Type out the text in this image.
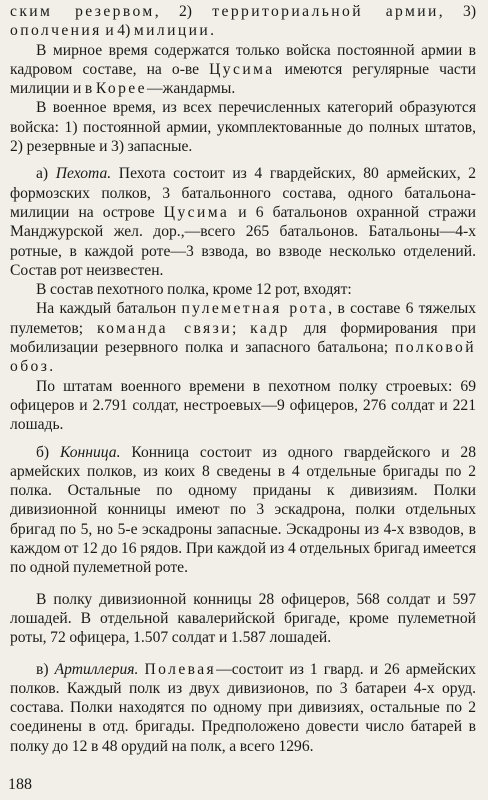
ским резервом, 2) территориальной армии, 3) ополчения и 4) милиции.

В мирное время содержатся только войска постоянной армии в кадровом составе, на о-ве Цусима имеются регулярные части милиции и в Корее—жандармы.

В военное время, из всех перечисленных категорий образуются войска: 1) постоянной армии, укомплектованные до полных штатов, 2) резервные и 3) запасные.

а) Пехота. Пехота состоит из 4 гвардейских, 80 армейских, 2 формозских полков, 3 батальонного состава, одного батальона-милиции на острове Цусима и 6 батальонов охранной стражи Манджурской жел. дор.,—всего 265 батальонов. Батальоны—4-х ротные, в каждой роте—3 взвода, во взводе несколько отделений. Состав рот неизвестен.

В состав пехотного полка, кроме 12 рот, входят:

На каждый батальон пулеметная рота, в составе 6 тяжелых пулеметов; команда связи; кадр для формирования при мобилизации резервного полка и запасного батальона; полковой обоз.

По штатам военного времени в пехотном полку строевых: 69 офицеров и 2.791 солдат, нестроевых—9 офицеров, 276 солдат и 221 лошадь.

б) Конница. Конница состоит из одного гвардейского и 28 армейских полков, из коих 8 сведены в 4 отдельные бригады по 2 полка. Остальные по одному приданы к дивизиям. Полки дивизионной конницы имеют по 3 эскадрона, полки отдельных бригад по 5, но 5-е эскадроны запасные. Эскадроны из 4-х взводов, в каждом от 12 до 16 рядов. При каждой из 4 отдельных бригад имеется по одной пулеметной роте.

В полку дивизионной конницы 28 офицеров, 568 солдат и 597 лошадей. В отдельной кавалерийской бригаде, кроме пулеметной роты, 72 офицера, 1.507 солдат и 1.587 лошадей.

в) Артиллерия. Полевая—состоит из 1 гвард. и 26 армейских полков. Каждый полк из двух дивизионов, по 3 батареи 4-х оруд. состава. Полки находятся по одному при дивизиях, остальные по 2 соединены в отд. бригады. Предположено довести число батарей в полку до 12 в 48 орудий на полк, а всего 1296.

188
